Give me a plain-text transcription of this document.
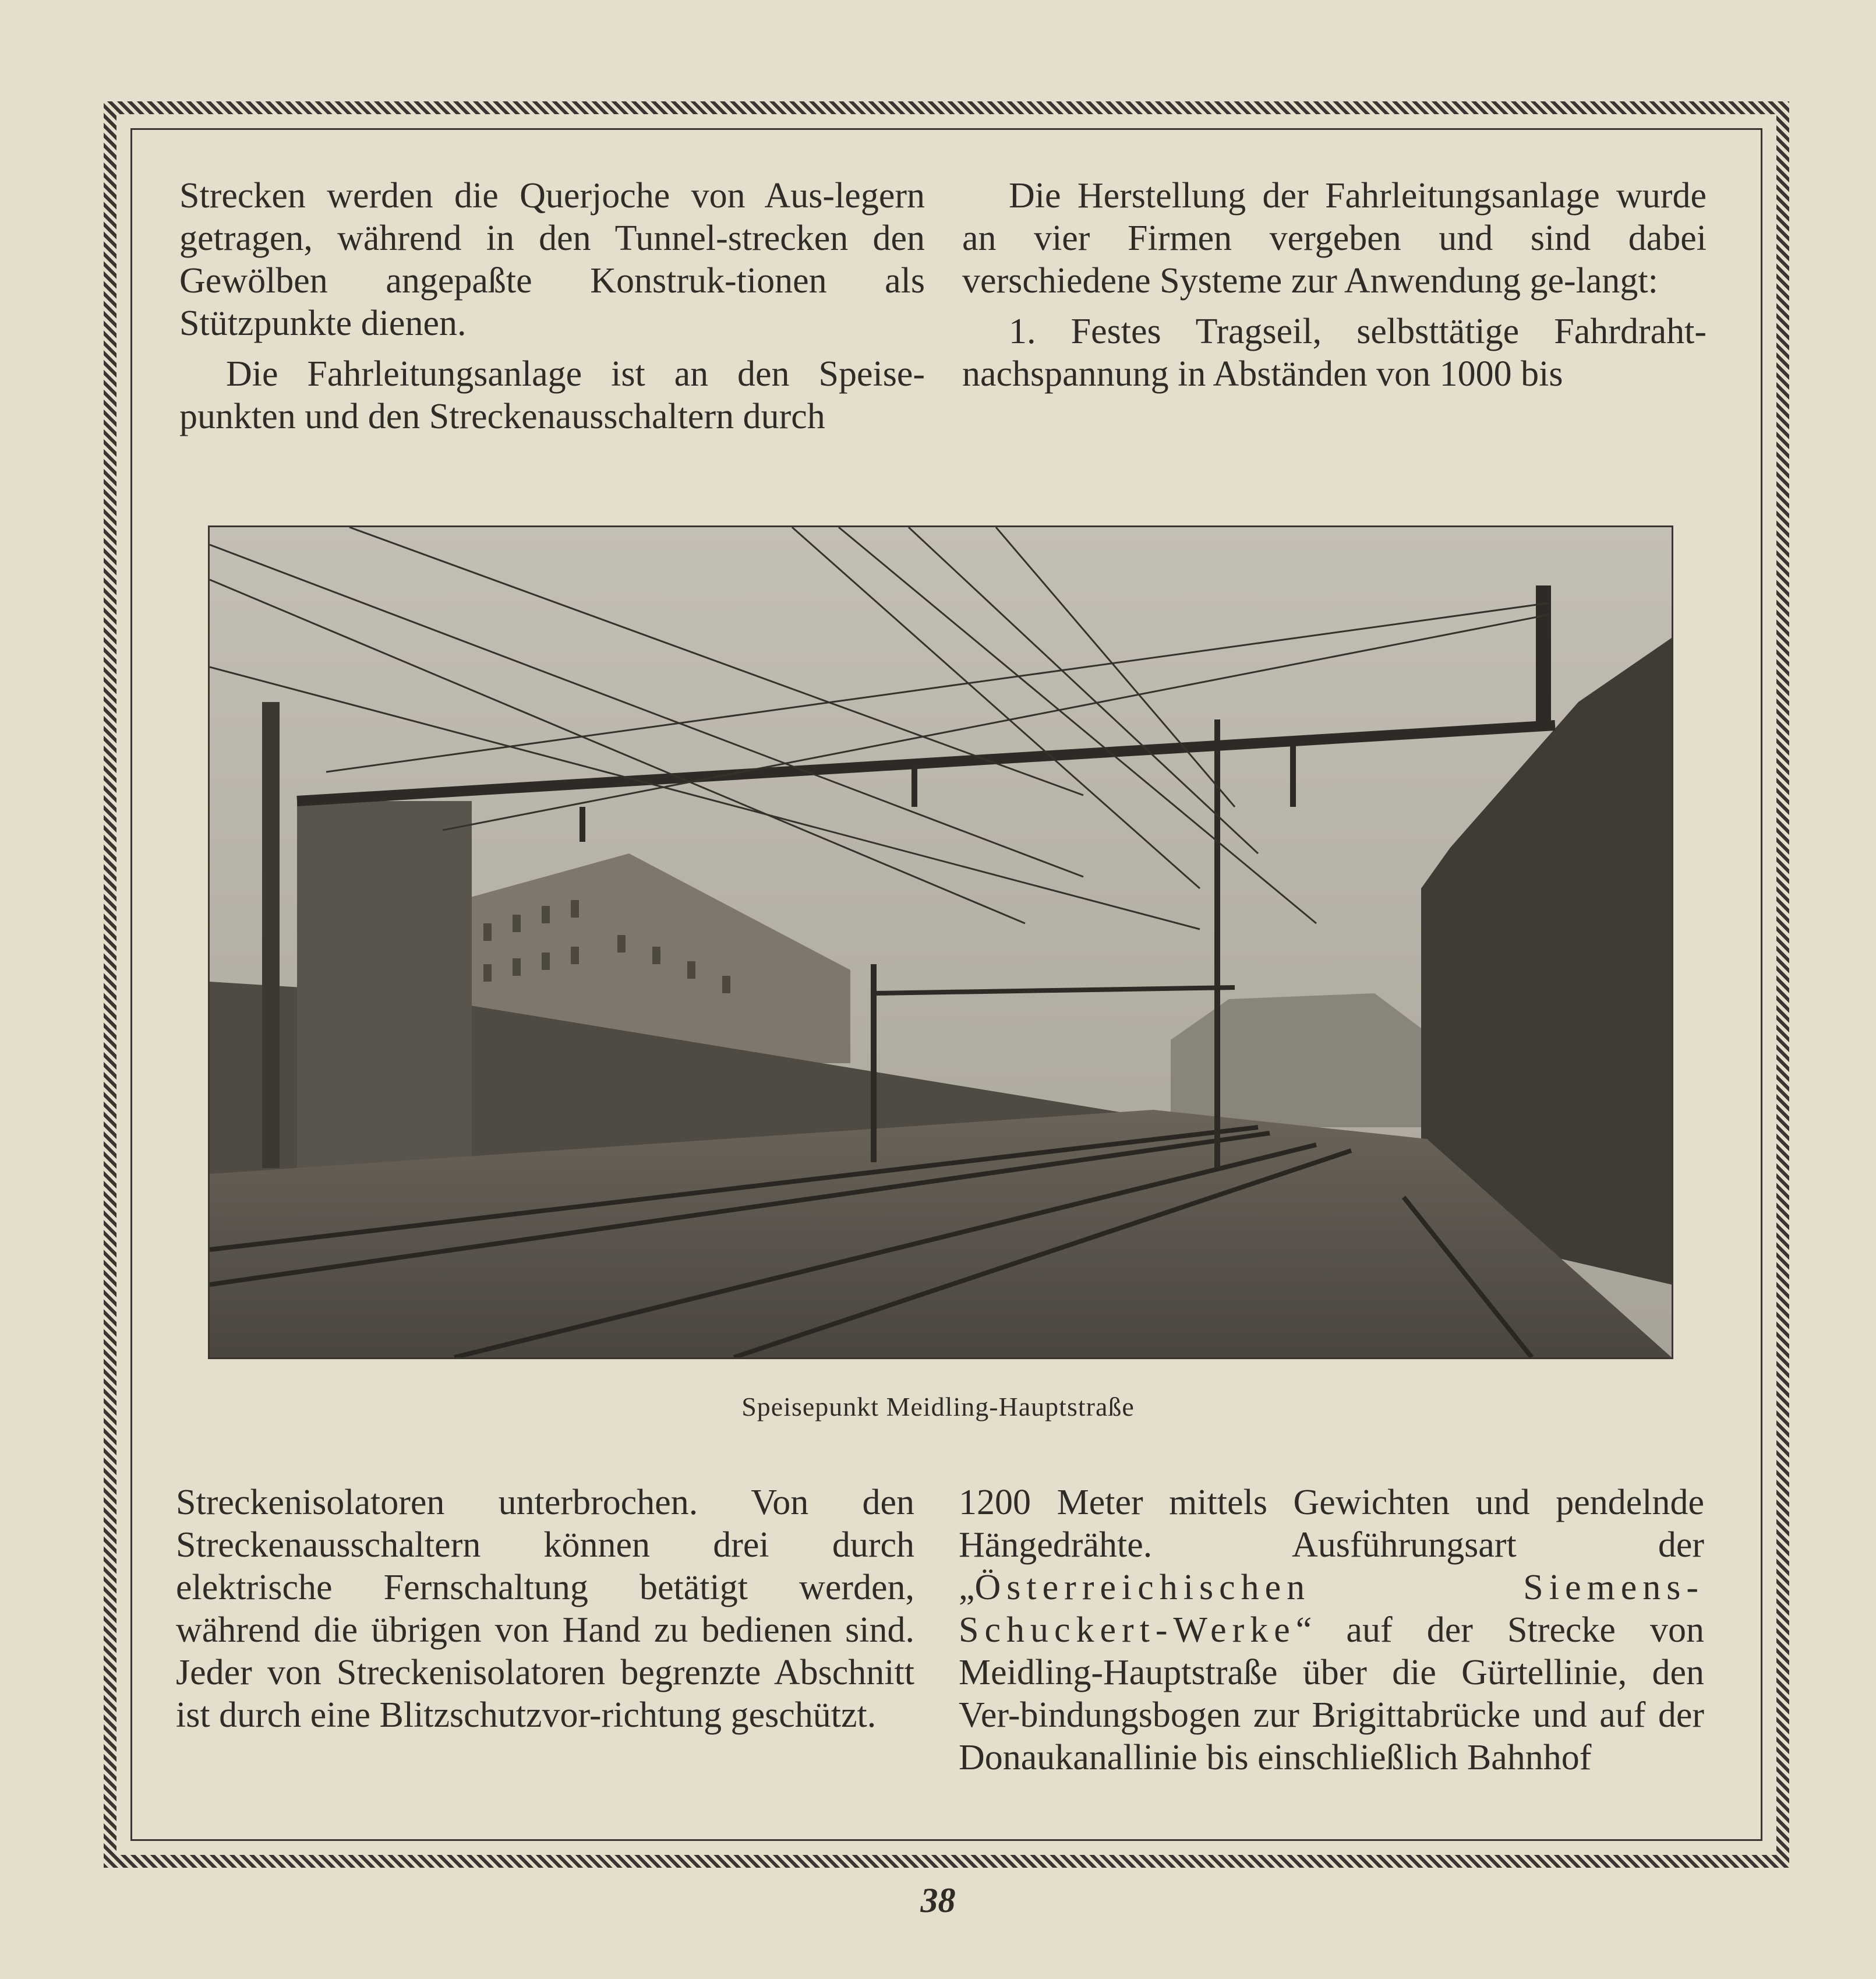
Strecken werden die Querjoche von Aus-legern getragen, während in den Tunnel-strecken den Gewölben angepaßte Konstruk-tionen als Stützpunkte dienen.

Die Fahrleitungsanlage ist an den Speise-punkten und den Streckenausschaltern durch

Die Herstellung der Fahrleitungsanlage wurde an vier Firmen vergeben und sind dabei verschiedene Systeme zur Anwendung ge-langt:

1. Festes Tragseil, selbsttätige Fahrdraht-nachspannung in Abständen von 1000 bis

Speisepunkt Meidling-Hauptstraße

Streckenisolatoren unterbrochen. Von den Streckenausschaltern können drei durch elektrische Fernschaltung betätigt werden, während die übrigen von Hand zu bedienen sind. Jeder von Streckenisolatoren begrenzte Abschnitt ist durch eine Blitzschutzvor-richtung geschützt.

1200 Meter mittels Gewichten und pendelnde Hängedrähte. Ausführungsart der „Österreichischen Siemens-Schuckert-Werke“ auf der Strecke von Meidling-Hauptstraße über die Gürtellinie, den Ver-bindungsbogen zur Brigittabrücke und auf der Donaukanallinie bis einschließlich Bahnhof

38
